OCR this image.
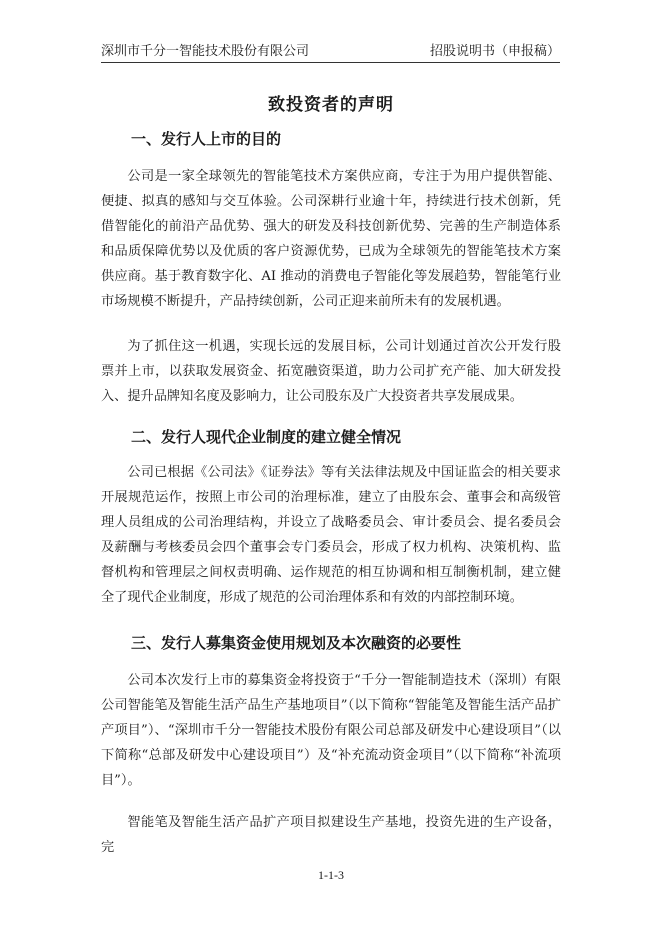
深圳市千分一智能技术股份有限公司	招股说明书（申报稿）
致投资者的声明
一、发行人上市的目的

公司是一家全球领先的智能笔技术方案供应商，专注于为用户提供智能、便捷、拟真的感知与交互体验。公司深耕行业逾十年，持续进行技术创新，凭借智能化的前沿产品优势、强大的研发及科技创新优势、完善的生产制造体系和品质保障优势以及优质的客户资源优势，已成为全球领先的智能笔技术方案供应商。基于教育数字化、AI 推动的消费电子智能化等发展趋势，智能笔行业市场规模不断提升，产品持续创新，公司正迎来前所未有的发展机遇。

为了抓住这一机遇，实现长远的发展目标，公司计划通过首次公开发行股票并上市，以获取发展资金、拓宽融资渠道，助力公司扩充产能、加大研发投入、提升品牌知名度及影响力，让公司股东及广大投资者共享发展成果。

二、发行人现代企业制度的建立健全情况

公司已根据《公司法》《证券法》等有关法律法规及中国证监会的相关要求开展规范运作，按照上市公司的治理标准，建立了由股东会、董事会和高级管理人员组成的公司治理结构，并设立了战略委员会、审计委员会、提名委员会及薪酬与考核委员会四个董事会专门委员会，形成了权力机构、决策机构、监督机构和管理层之间权责明确、运作规范的相互协调和相互制衡机制，建立健全了现代企业制度，形成了规范的公司治理体系和有效的内部控制环境。

三、发行人募集资金使用规划及本次融资的必要性

公司本次发行上市的募集资金将投资于“千分一智能制造技术（深圳）有限公司智能笔及智能生活产品生产基地项目”（以下简称“智能笔及智能生活产品扩产项目”）、“深圳市千分一智能技术股份有限公司总部及研发中心建设项目”（以下简称“总部及研发中心建设项目”）及“补充流动资金项目”（以下简称“补流项目”）。

智能笔及智能生活产品扩产项目拟建设生产基地，投资先进的生产设备，完

1-1-3
